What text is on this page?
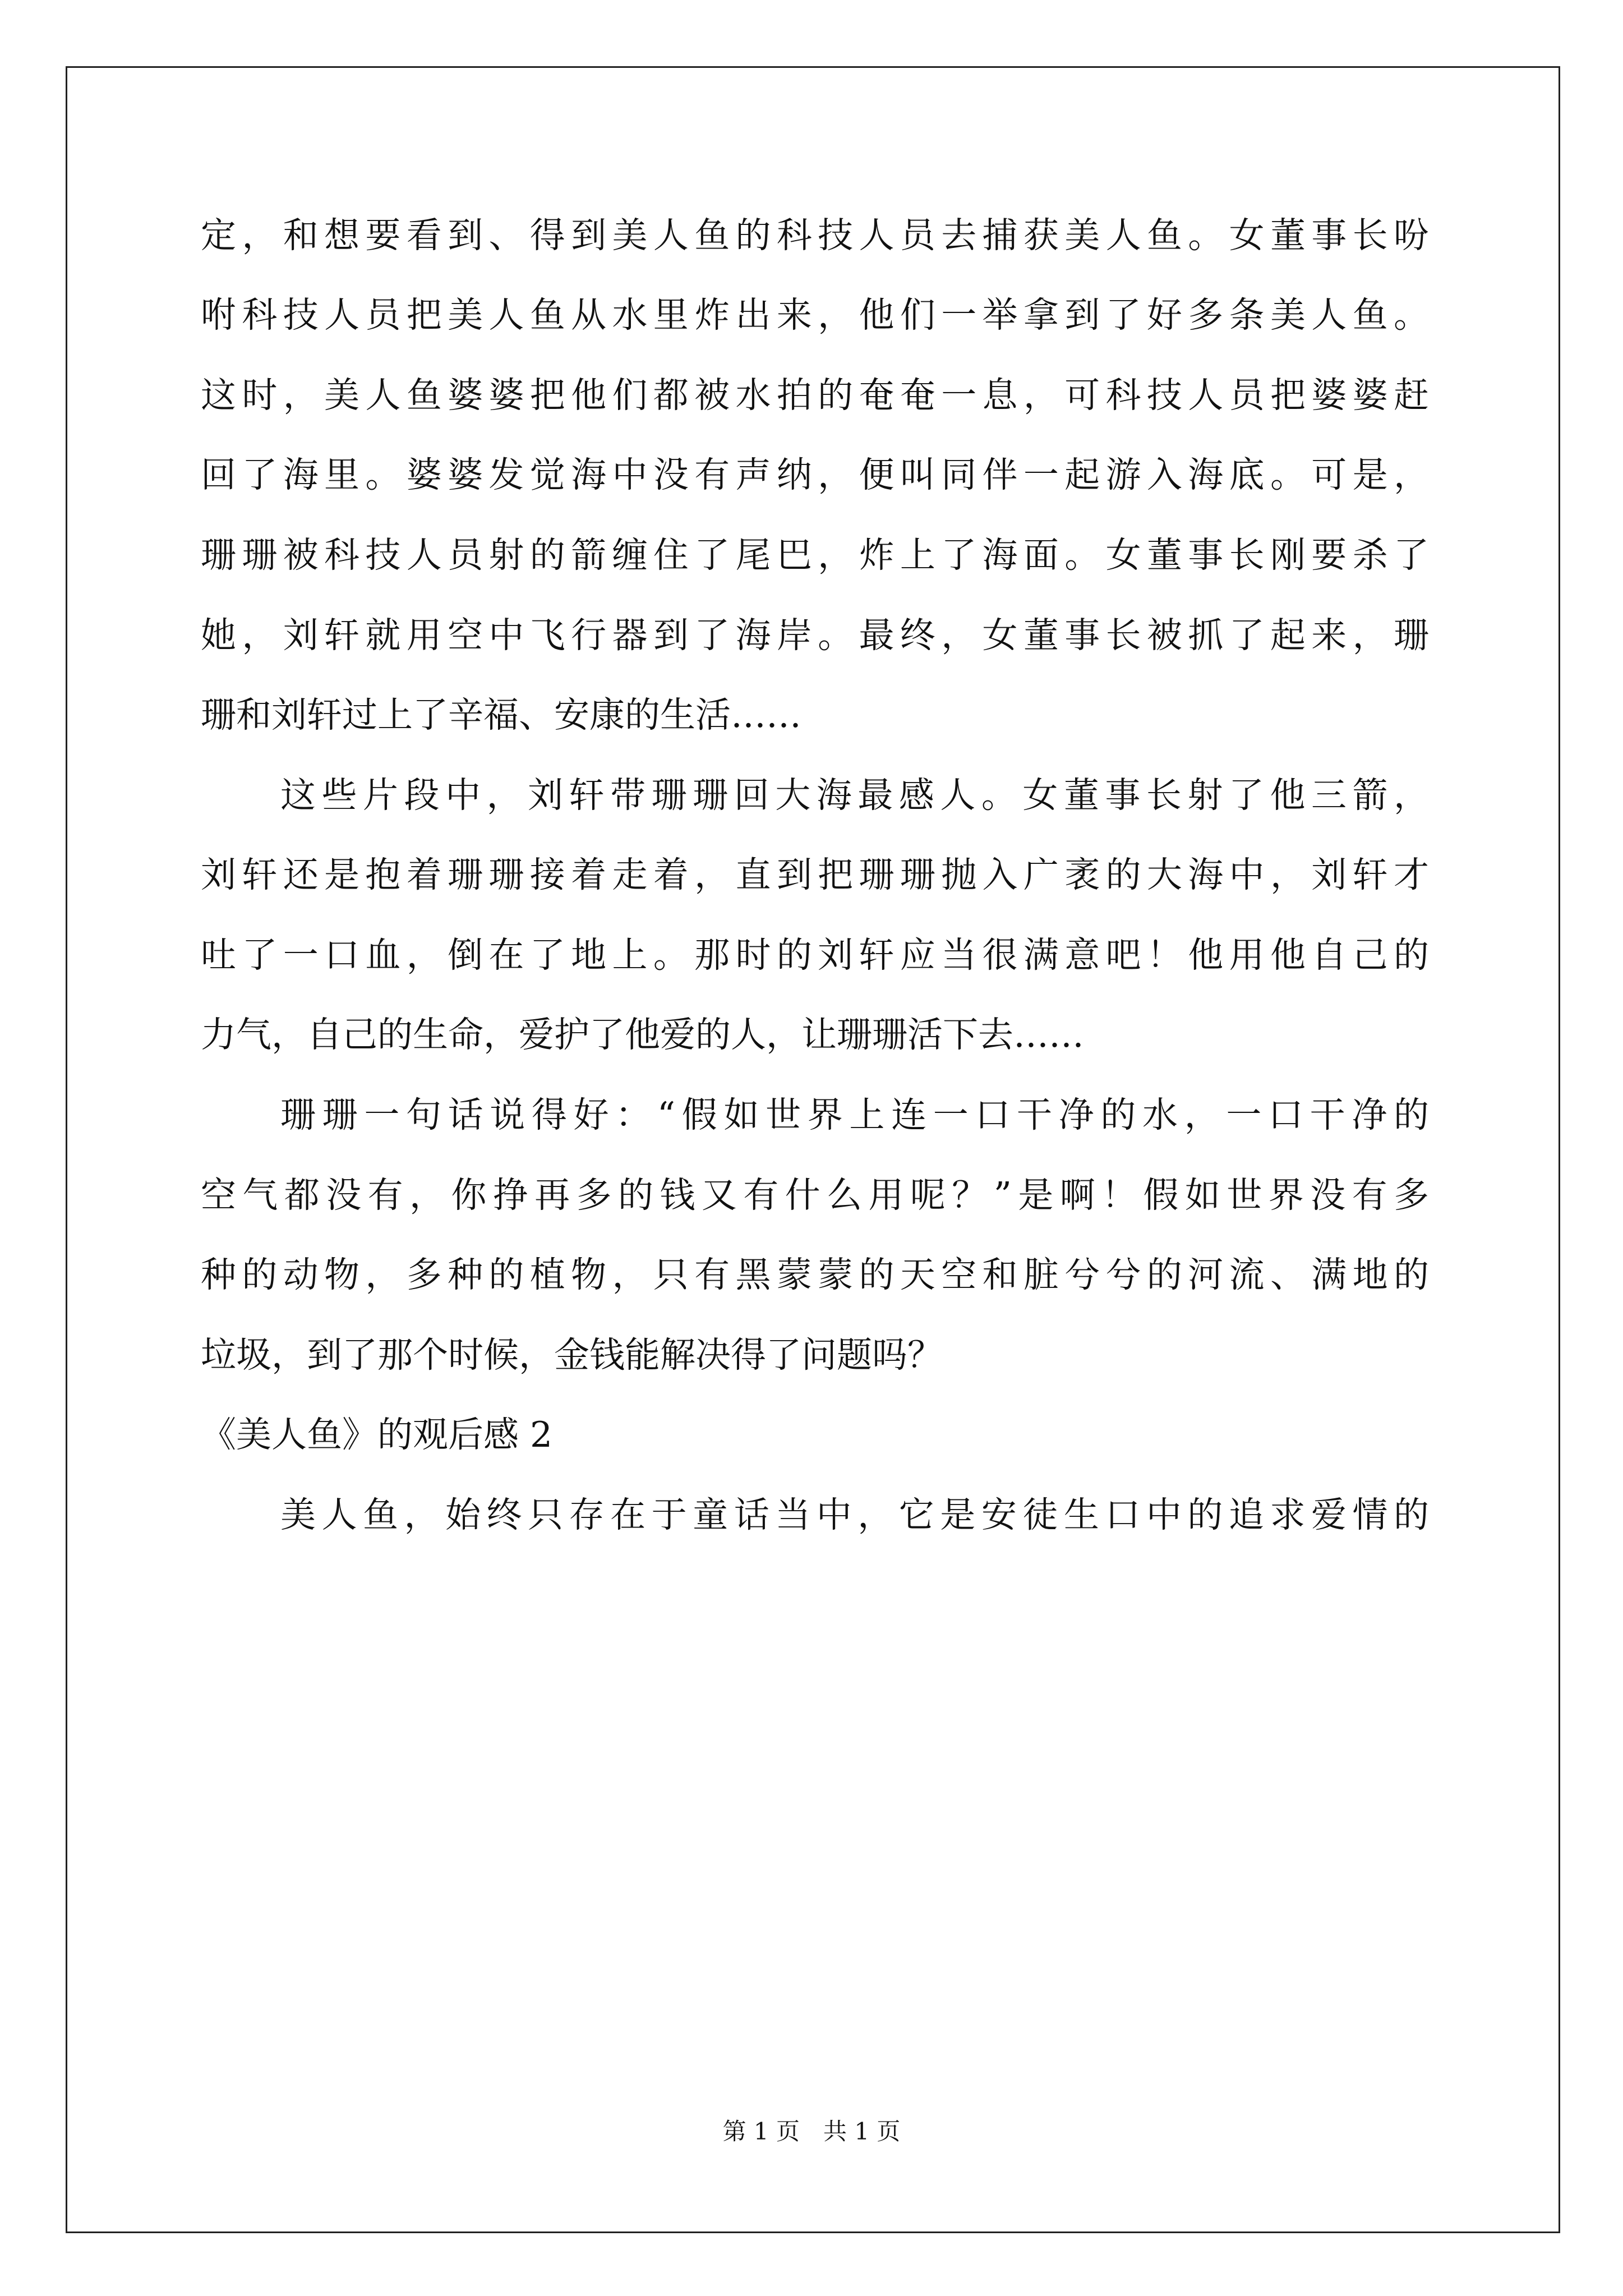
定，和想要看到、得到美人鱼的科技人员去捕获美人鱼。女董事长吩

咐科技人员把美人鱼从水里炸出来，他们一举拿到了好多条美人鱼。

这时，美人鱼婆婆把他们都被水拍的奄奄一息，可科技人员把婆婆赶

回了海里。婆婆发觉海中没有声纳，便叫同伴一起游入海底。可是，

珊珊被科技人员射的箭缠住了尾巴，炸上了海面。女董事长刚要杀了

她，刘轩就用空中飞行器到了海岸。最终，女董事长被抓了起来，珊

珊和刘轩过上了辛福、安康的生活……

这些片段中，刘轩带珊珊回大海最感人。女董事长射了他三箭，

刘轩还是抱着珊珊接着走着，直到把珊珊抛入广袤的大海中，刘轩才

吐了一口血，倒在了地上。那时的刘轩应当很满意吧！他用他自己的

力气，自己的生命，爱护了他爱的人，让珊珊活下去……

珊珊一句话说得好：“假如世界上连一口干净的水，一口干净的

空气都没有，你挣再多的钱又有什么用呢？”是啊！假如世界没有多

种的动物，多种的植物，只有黑蒙蒙的天空和脏兮兮的河流、满地的

垃圾，到了那个时候，金钱能解决得了问题吗？

《美人鱼》的观后感 2

美人鱼，始终只存在于童话当中，它是安徒生口中的追求爱情的

第 1 页　共 1 页
